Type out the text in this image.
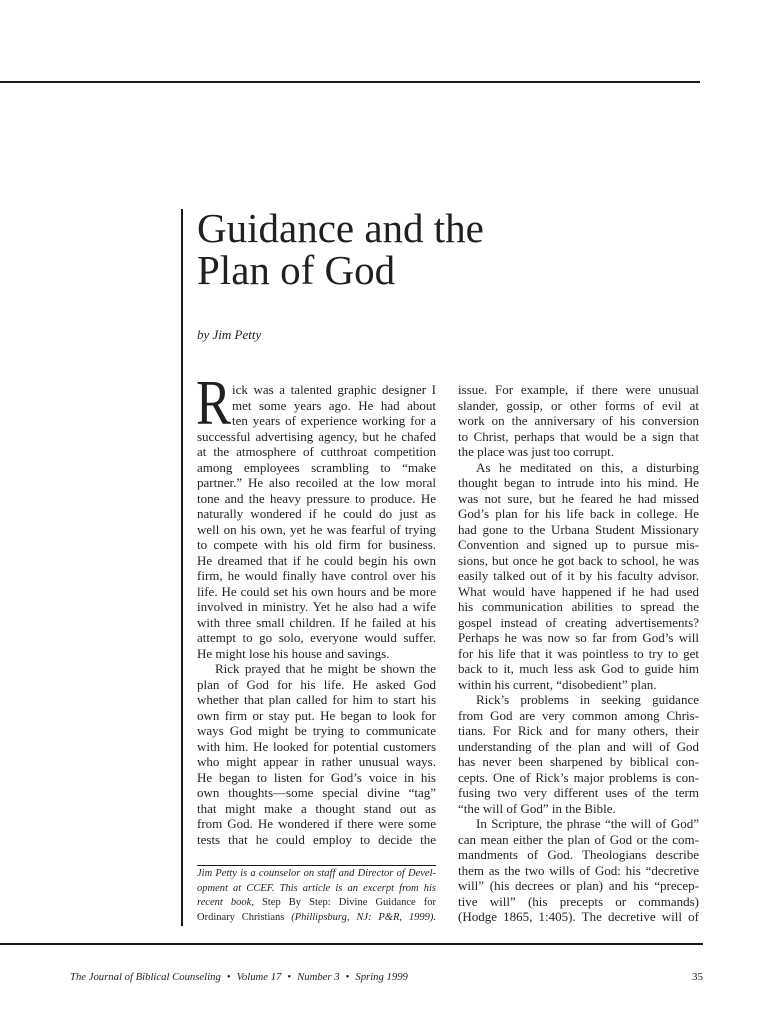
Guidance and the
Plan of God
by Jim Petty
R ick was a talented graphic designer I
met some years ago. He had about
ten years of experience working for a
successful advertising agency, but he chafed
at the atmosphere of cutthroat competition
among employees scrambling to “make
partner.” He also recoiled at the low moral
tone and the heavy pressure to produce. He
naturally wondered if he could do just as
well on his own, yet he was fearful of trying
to compete with his old firm for business.
He dreamed that if he could begin his own
firm, he would finally have control over his
life. He could set his own hours and be more
involved in ministry. Yet he also had a wife
with three small children. If he failed at his
attempt to go solo, everyone would suffer.
He might lose his house and savings.
Rick prayed that he might be shown the
plan of God for his life. He asked God
whether that plan called for him to start his
own firm or stay put. He began to look for
ways God might be trying to communicate
with him. He looked for potential customers
who might appear in rather unusual ways.
He began to listen for God’s voice in his
own thoughts—some special divine “tag”
that might make a thought stand out as
from God. He wondered if there were some
tests that he could employ to decide the
issue. For example, if there were unusual
slander, gossip, or other forms of evil at
work on the anniversary of his conversion
to Christ, perhaps that would be a sign that
the place was just too corrupt.
As he meditated on this, a disturbing
thought began to intrude into his mind. He
was not sure, but he feared he had missed
God’s plan for his life back in college. He
had gone to the Urbana Student Missionary
Convention and signed up to pursue mis-
sions, but once he got back to school, he was
easily talked out of it by his faculty advisor.
What would have happened if he had used
his communication abilities to spread the
gospel instead of creating advertisements?
Perhaps he was now so far from God’s will
for his life that it was pointless to try to get
back to it, much less ask God to guide him
within his current, “disobedient” plan.
Rick’s problems in seeking guidance
from God are very common among Chris-
tians. For Rick and for many others, their
understanding of the plan and will of God
has never been sharpened by biblical con-
cepts. One of Rick’s major problems is con-
fusing two very different uses of the term
“the will of God” in the Bible.
In Scripture, the phrase “the will of God”
can mean either the plan of God or the com-
mandments of God. Theologians describe
them as the two wills of God: his “decretive
will” (his decrees or plan) and his “precep-
tive will” (his precepts or commands)
(Hodge 1865, 1:405). The decretive will of
Jim Petty is a counselor on staff and Director of Devel-
opment at CCEF. This article is an excerpt from his
recent book, Step By Step: Divine Guidance for
Ordinary Christians (Phillipsburg, NJ: P&R, 1999).
The Journal of Biblical Counseling • Volume 17 • Number 3 • Spring 1999	35
